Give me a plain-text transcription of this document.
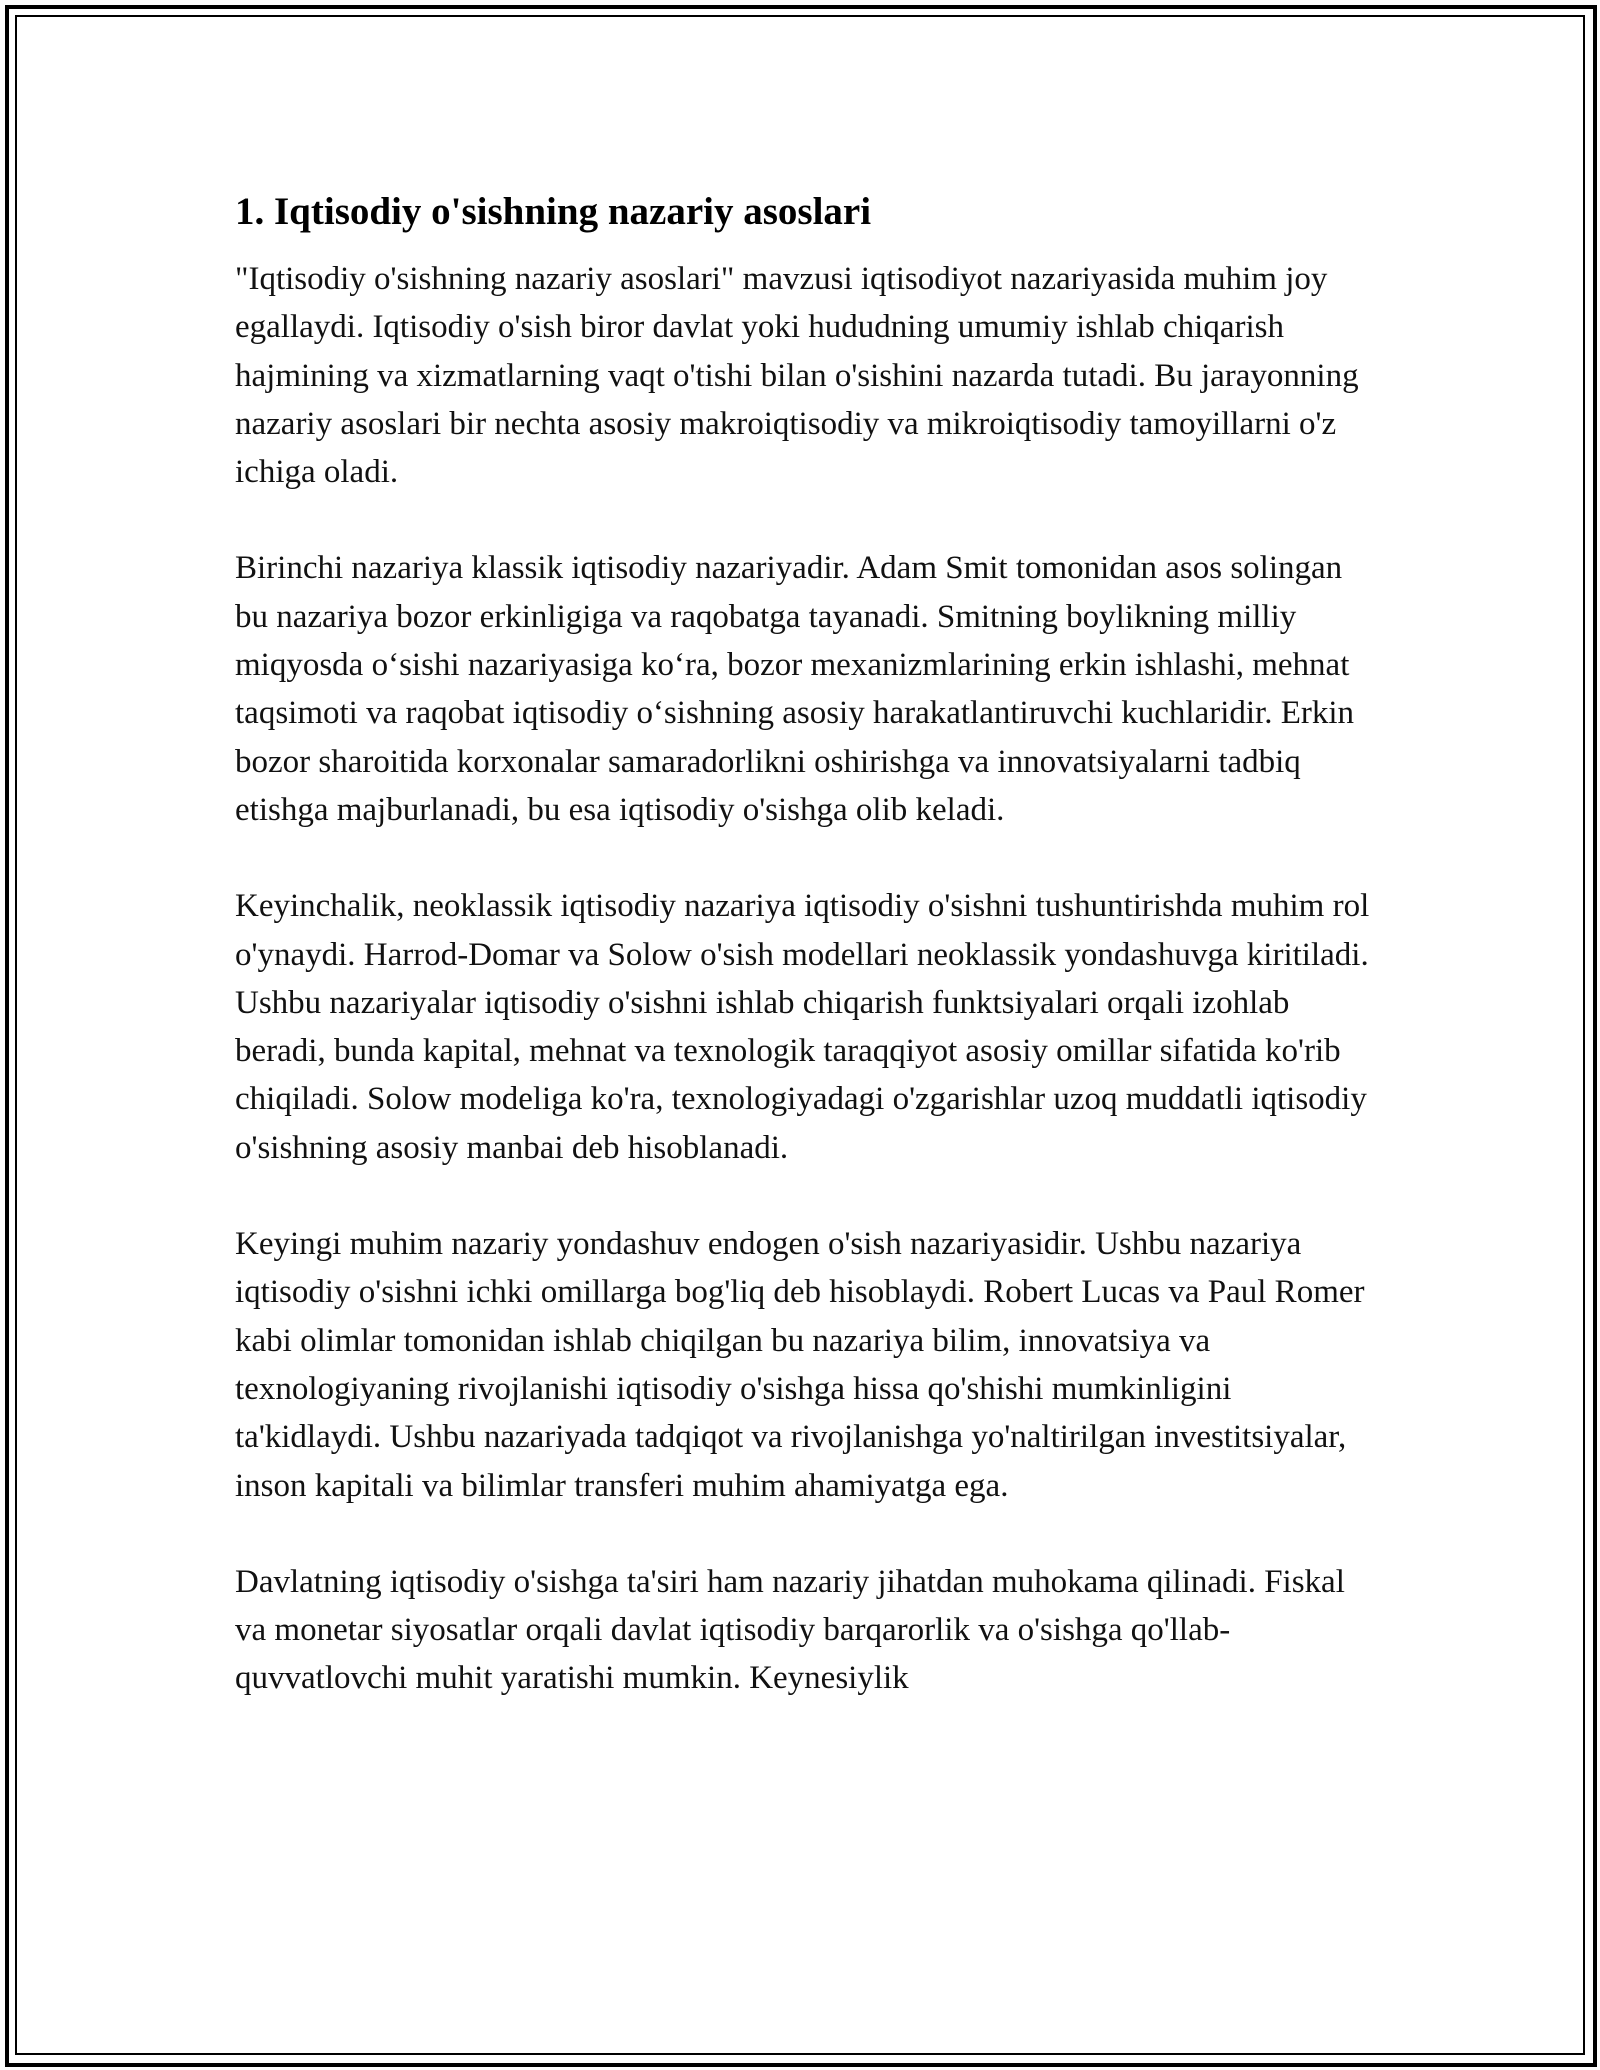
1. Iqtisodiy o'sishning nazariy asoslari

"Iqtisodiy o'sishning nazariy asoslari" mavzusi iqtisodiyot nazariyasida muhim joy egallaydi. Iqtisodiy o'sish biror davlat yoki hududning umumiy ishlab chiqarish hajmining va xizmatlarning vaqt o'tishi bilan o'sishini nazarda tutadi. Bu jarayonning nazariy asoslari bir nechta asosiy makroiqtisodiy va mikroiqtisodiy tamoyillarni o'z ichiga oladi.

Birinchi nazariya klassik iqtisodiy nazariyadir. Adam Smit tomonidan asos solingan bu nazariya bozor erkinligiga va raqobatga tayanadi. Smitning boylikning milliy miqyosda o‘sishi nazariyasiga ko‘ra, bozor mexanizmlarining erkin ishlashi, mehnat taqsimoti va raqobat iqtisodiy o‘sishning asosiy harakatlantiruvchi kuchlaridir. Erkin bozor sharoitida korxonalar samaradorlikni oshirishga va innovatsiyalarni tadbiq etishga majburlanadi, bu esa iqtisodiy o'sishga olib keladi.

Keyinchalik, neoklassik iqtisodiy nazariya iqtisodiy o'sishni tushuntirishda muhim rol o'ynaydi. Harrod-Domar va Solow o'sish modellari neoklassik yondashuvga kiritiladi. Ushbu nazariyalar iqtisodiy o'sishni ishlab chiqarish funktsiyalari orqali izohlab beradi, bunda kapital, mehnat va texnologik taraqqiyot asosiy omillar sifatida ko'rib chiqiladi. Solow modeliga ko'ra, texnologiyadagi o'zgarishlar uzoq muddatli iqtisodiy o'sishning asosiy manbai deb hisoblanadi.

Keyingi muhim nazariy yondashuv endogen o'sish nazariyasidir. Ushbu nazariya iqtisodiy o'sishni ichki omillarga bog'liq deb hisoblaydi. Robert Lucas va Paul Romer kabi olimlar tomonidan ishlab chiqilgan bu nazariya bilim, innovatsiya va texnologiyaning rivojlanishi iqtisodiy o'sishga hissa qo'shishi mumkinligini ta'kidlaydi. Ushbu nazariyada tadqiqot va rivojlanishga yo'naltirilgan investitsiyalar, inson kapitali va bilimlar transferi muhim ahamiyatga ega.

Davlatning iqtisodiy o'sishga ta'siri ham nazariy jihatdan muhokama qilinadi. Fiskal va monetar siyosatlar orqali davlat iqtisodiy barqarorlik va o'sishga qo'llab-quvvatlovchi muhit yaratishi mumkin. Keynesiylik
